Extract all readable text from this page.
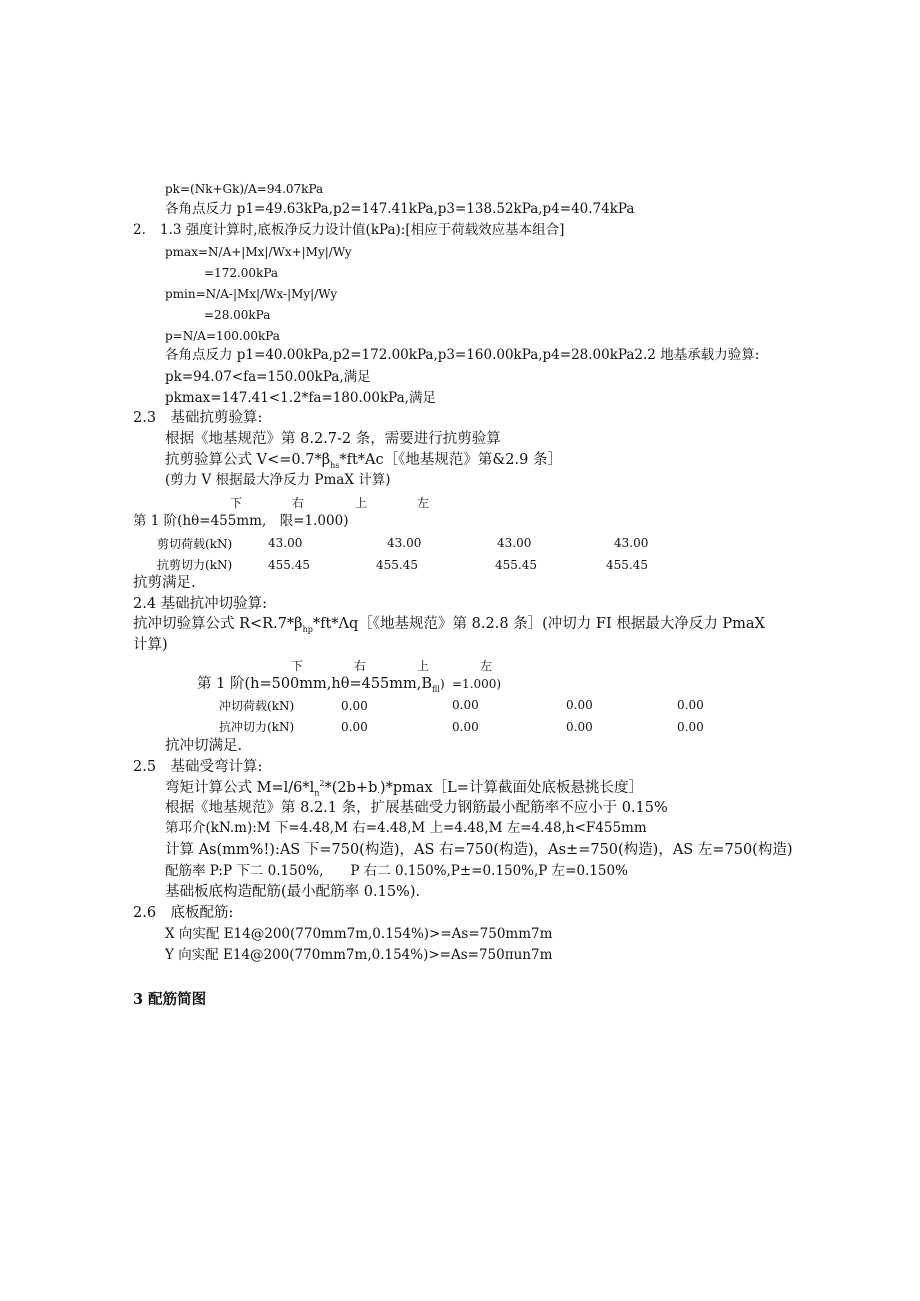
pk=(Nk+Gk)/A=94.07kPa
各角点反力 p1=49.63kPa,p2=147.41kPa,p3=138.52kPa,p4=40.74kPa
2. 1.3 强度计算时,底板净反力设计值(kPa):[相应于荷载效应基本组合]
pmax=N/A+|Mx|/Wx+|My|/Wy
=172.00kPa
pmin=N/A-|Mx|/Wx-|My|/Wy
=28.00kPa
p=N/A=100.00kPa
各角点反力 p1=40.00kPa,p2=172.00kPa,p3=160.00kPa,p4=28.00kPa2.2 地基承载力验算:
pk=94.07<fa=150.00kPa,满足
pkmax=147.41<1.2*fa=180.00kPa,满足
2.3　基础抗剪验算:
根据《地基规范》第 8.2.7-2 条，需要进行抗剪验算
抗剪验算公式 $V<=0.7*\beta_{hs}*ft*Ac[$《地基规范》第&2.9 条］
(剪力 V 根据最大净反力 PmaX 计算)
下	右	上	左
第 1 阶(hθ=455mm,　限=1.000)
剪切荷载(kN)	43.00	43.00	43.00	43.00
抗剪切力(kN)	455.45	455.45	455.45	455.45
抗剪满足.
2.4 基础抗冲切验算:
抗冲切验算公式 $R<R.7*\beta_{hp}*ft*\Lambda q[$《地基规范》第 8.2.8 条］(冲切力 FI 根据最大净反力 PmaX
计算)
下	右	上	左
第 1 阶$(h=500mm,h\theta=455mm,B_{fll}) =1.000$)
冲切荷载(kN)	0.00	0.00	0.00	0.00
抗冲切力(kN)	0.00	0.00	0.00	0.00
抗冲切满足.
2.5　基础受弯计算:
弯矩计算公式 $M=l/6*l_n^2*(2b+b_\cdot)*pmax[L=$计算截面处底板悬挑长度］
根据《地基规范》第 8.2.1 条，扩展基础受力钢筋最小配筋率不应小于 0.15%
第邛介(kN.m):M 下=4.48,M 右=4.48,M 上=4.48,M 左=4.48,h<F455mm
计算 As(mm%!):AS 下=750(构造)，AS 右=750(构造)，As±=750(构造)，AS 左=750(构造)
配筋率 P:P 下二 0.150%,　　P 右二 0.150%,P±=0.150%,P 左=0.150%
基础板底构造配筋(最小配筋率 0.15%).
2.6　底板配筋:
X 向实配 E14@200(770mm7m,0.154%)>=As=750mm7m
Y 向实配 E14@200(770mm7m,0.154%)>=As=750πun7m
3 配筋简图
